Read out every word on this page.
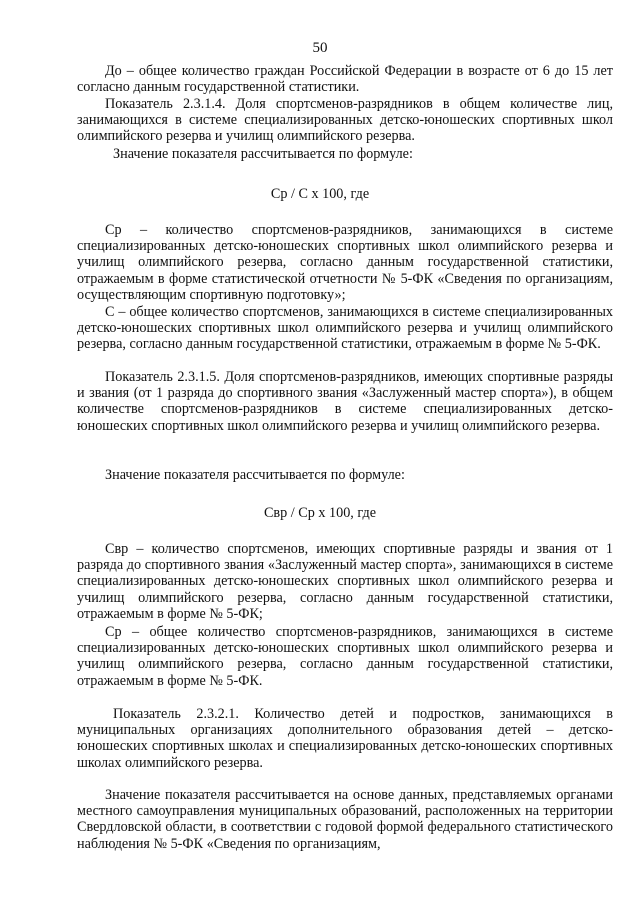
50

До – общее количество граждан Российской Федерации в возрасте от 6 до 15 лет согласно данным государственной статистики.

Показатель 2.3.1.4. Доля спортсменов-разрядников в общем количестве лиц, занимающихся в системе специализированных детско-юношеских спортивных школ олимпийского резерва и училищ олимпийского резерва.

Значение показателя рассчитывается по формуле:

Ср / С х 100, где

Ср – количество спортсменов-разрядников, занимающихся в системе специализированных детско-юношеских спортивных школ олимпийского резерва и училищ олимпийского резерва, согласно данным государственной статистики, отражаемым в форме статистической отчетности № 5-ФК «Сведения по организациям, осуществляющим спортивную подготовку»;

С – общее количество спортсменов, занимающихся в системе специализированных детско-юношеских спортивных школ олимпийского резерва и училищ олимпийского резерва, согласно данным государственной статистики, отражаемым в форме № 5-ФК.

Показатель 2.3.1.5. Доля спортсменов-разрядников, имеющих спортивные разряды и звания (от 1 разряда до спортивного звания «Заслуженный мастер спорта»), в общем количестве спортсменов-разрядников в системе специализированных детско-юношеских спортивных школ олимпийского резерва и училищ олимпийского резерва.

Значение показателя рассчитывается по формуле:

Свр / Ср х 100, где

Свр – количество спортсменов, имеющих спортивные разряды и звания от 1 разряда до спортивного звания «Заслуженный мастер спорта», занимающихся в системе специализированных детско-юношеских спортивных школ олимпийского резерва и училищ олимпийского резерва, согласно данным государственной статистики, отражаемым в форме № 5-ФК;

Ср – общее количество спортсменов-разрядников, занимающихся в системе специализированных детско-юношеских спортивных школ олимпийского резерва и училищ олимпийского резерва, согласно данным государственной статистики, отражаемым в форме № 5-ФК.

Показатель 2.3.2.1. Количество детей и подростков, занимающихся в муниципальных организациях дополнительного образования детей – детско-юношеских спортивных школах и специализированных детско-юношеских спортивных школах олимпийского резерва.

Значение показателя рассчитывается на основе данных, представляемых органами местного самоуправления муниципальных образований, расположенных на территории Свердловской области, в соответствии с годовой формой федерального статистического наблюдения № 5-ФК «Сведения по организациям,
